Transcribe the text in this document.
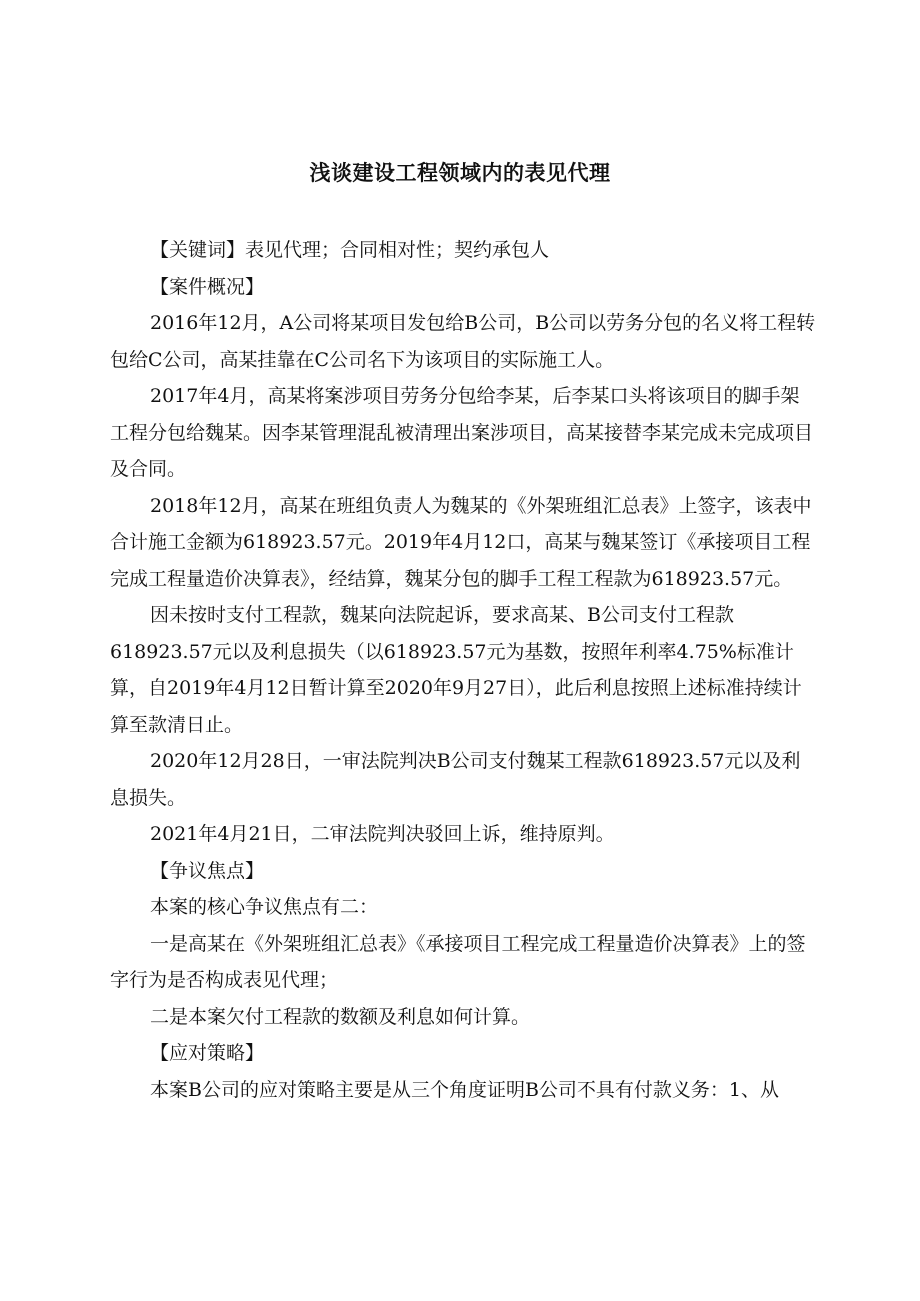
浅谈建设工程领域内的表见代理

【关键词】表见代理；合同相对性；契约承包人

【案件概况】

2016年12月，A公司将某项目发包给B公司，B公司以劳务分包的名义将工程转包给C公司，高某挂靠在C公司名下为该项目的实际施工人。

2017年4月，高某将案涉项目劳务分包给李某，后李某口头将该项目的脚手架工程分包给魏某。因李某管理混乱被清理出案涉项目，高某接替李某完成未完成项目及合同。

2018年12月，高某在班组负责人为魏某的《外架班组汇总表》上签字，该表中合计施工金额为618923.57元。2019年4月12口，高某与魏某签订《承接项目工程完成工程量造价决算表》，经结算，魏某分包的脚手工程工程款为618923.57元。

因未按时支付工程款，魏某向法院起诉，要求高某、B公司支付工程款618923.57元以及利息损失（以618923.57元为基数，按照年利率4.75%标准计算，自2019年4月12日暂计算至2020年9月27日），此后利息按照上述标准持续计算至款清日止。

2020年12月28日，一审法院判决B公司支付魏某工程款618923.57元以及利息损失。

2021年4月21日，二审法院判决驳回上诉，维持原判。

【争议焦点】

本案的核心争议焦点有二：

一是高某在《外架班组汇总表》《承接项目工程完成工程量造价决算表》上的签字行为是否构成表见代理；

二是本案欠付工程款的数额及利息如何计算。

【应对策略】

本案B公司的应对策略主要是从三个角度证明B公司不具有付款义务：1、从
